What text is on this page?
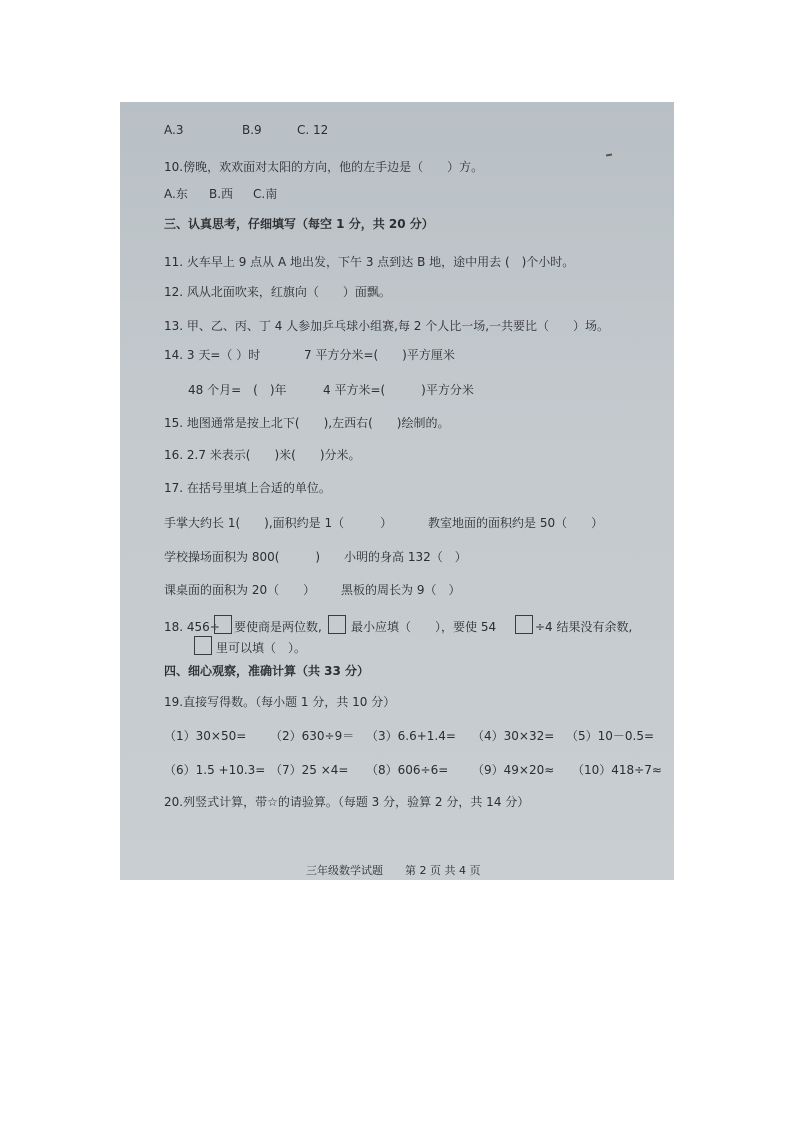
A.3	B.9	C. 12
10.傍晚，欢欢面对太阳的方向，他的左手边是（　　）方。
A.东 B.西 C.南
三、认真思考，仔细填写（每空 1 分，共 20 分）
11. 火车早上 9 点从 A 地出发，下午 3 点到达 B 地，途中用去 (　)个小时。
12. 风从北面吹来，红旗向（　　）面飘。
13. 甲、乙、丙、丁 4 人参加乒乓球小组赛,每 2 个人比一场,一共要比（　　）场。
14. 3 天=（ ）时	7 平方分米=(　　)平方厘米
48 个月=　(　)年	4 平方米=(　　　)平方分米
15. 地图通常是按上北下(　　),左西右(　　)绘制的。
16. 2.7 米表示(　　)米(　　)分米。
17. 在括号里填上合适的单位。
手掌大约长 1(　　),面积约是 1（　　　）	教室地面的面积约是 50（　　）
学校操场面积为 800(　　　) 小明的身高 132（　）
课桌面的面积为 20（　　） 黑板的周长为 9（　）
18. 456÷ 要使商是两位数, 最小应填（　　），要使 54	÷4 结果没有余数,
里可以填（　）。
四、细心观察，准确计算（共 33 分）
19.直接写得数。（每小题 1 分，共 10 分）
（1）30×50= （2）630÷9＝ （3）6.6+1.4= （4）30×32= （5）10－0.5=
（6）1.5 +10.3= （7）25 ×4= （8）606÷6= （9）49×20≈ （10）418÷7≈
20.列竖式计算，带☆的请验算。（每题 3 分，验算 2 分，共 14 分）
三年级数学试题　　第 2 页 共 4 页
